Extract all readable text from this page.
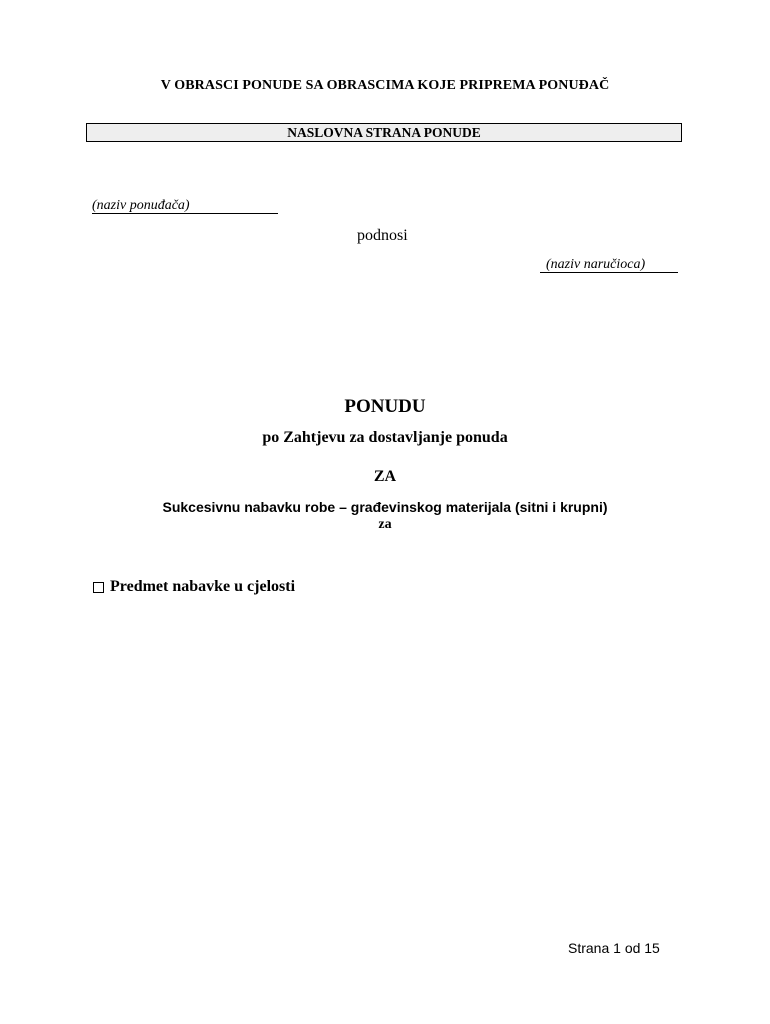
V OBRASCI PONUDE SA OBRASCIMA KOJE PRIPREMA PONUĐAČ
NASLOVNA STRANA PONUDE
(naziv ponuđača)
podnosi
(naziv naručioca)
PONUDU
po Zahtjevu za dostavljanje ponuda
ZA
Sukcesivnu nabavku robe – građevinskog materijala (sitni i krupni)
za
Predmet nabavke u cjelosti
Strana 1 od 15
